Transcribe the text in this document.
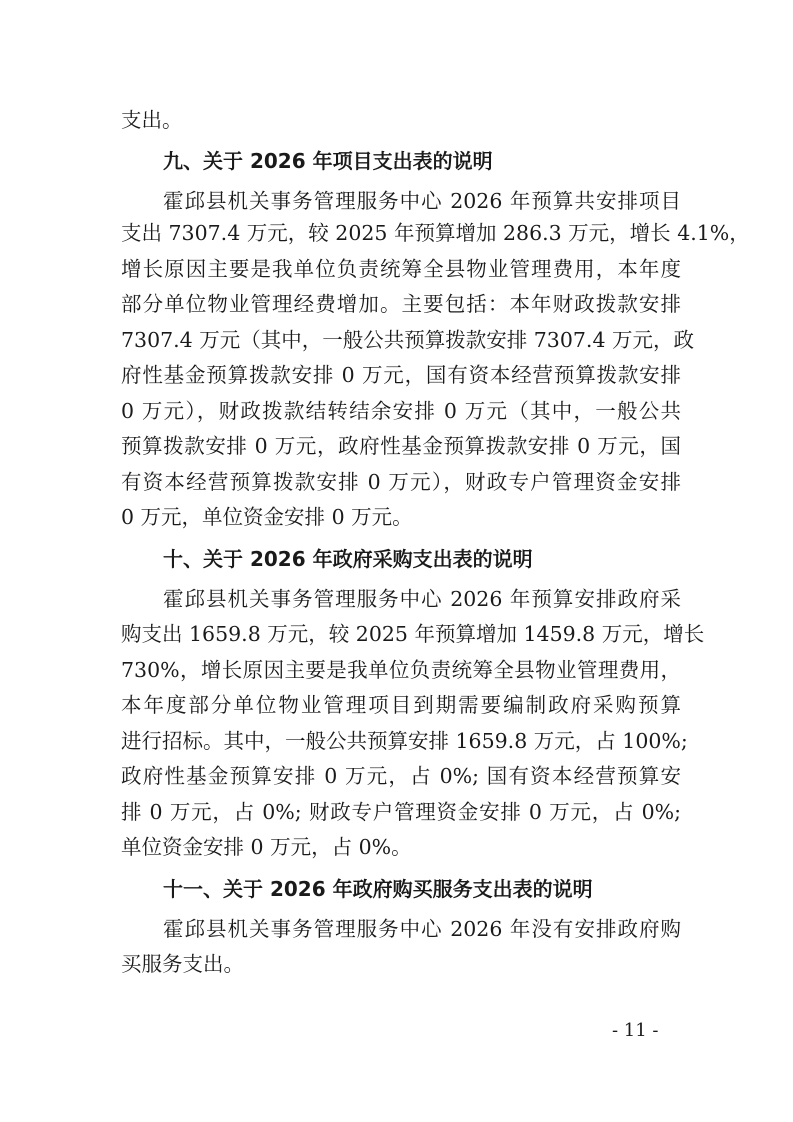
支出。
九、关于 2026 年项目支出表的说明
霍邱县机关事务管理服务中心 2026 年预算共安排项目
支出 7307.4 万元，较 2025 年预算增加 286.3 万元，增长 4.1%，
增长原因主要是我单位负责统筹全县物业管理费用，本年度
部分单位物业管理经费增加。主要包括：本年财政拨款安排
7307.4 万元（其中，一般公共预算拨款安排 7307.4 万元，政
府性基金预算拨款安排 0 万元，国有资本经营预算拨款安排
0 万元），财政拨款结转结余安排 0 万元（其中，一般公共
预算拨款安排 0 万元，政府性基金预算拨款安排 0 万元，国
有资本经营预算拨款安排 0 万元），财政专户管理资金安排
0 万元，单位资金安排 0 万元。
十、关于 2026 年政府采购支出表的说明
霍邱县机关事务管理服务中心 2026 年预算安排政府采
购支出 1659.8 万元，较 2025 年预算增加 1459.8 万元，增长
730%，增长原因主要是我单位负责统筹全县物业管理费用，
本年度部分单位物业管理项目到期需要编制政府采购预算
进行招标。其中，一般公共预算安排 1659.8 万元，占 100%;
政府性基金预算安排 0 万元，占 0%; 国有资本经营预算安
排 0 万元，占 0%; 财政专户管理资金安排 0 万元，占 0%;
单位资金安排 0 万元，占 0%。
十一、关于 2026 年政府购买服务支出表的说明
霍邱县机关事务管理服务中心 2026 年没有安排政府购
买服务支出。
- 11 -
